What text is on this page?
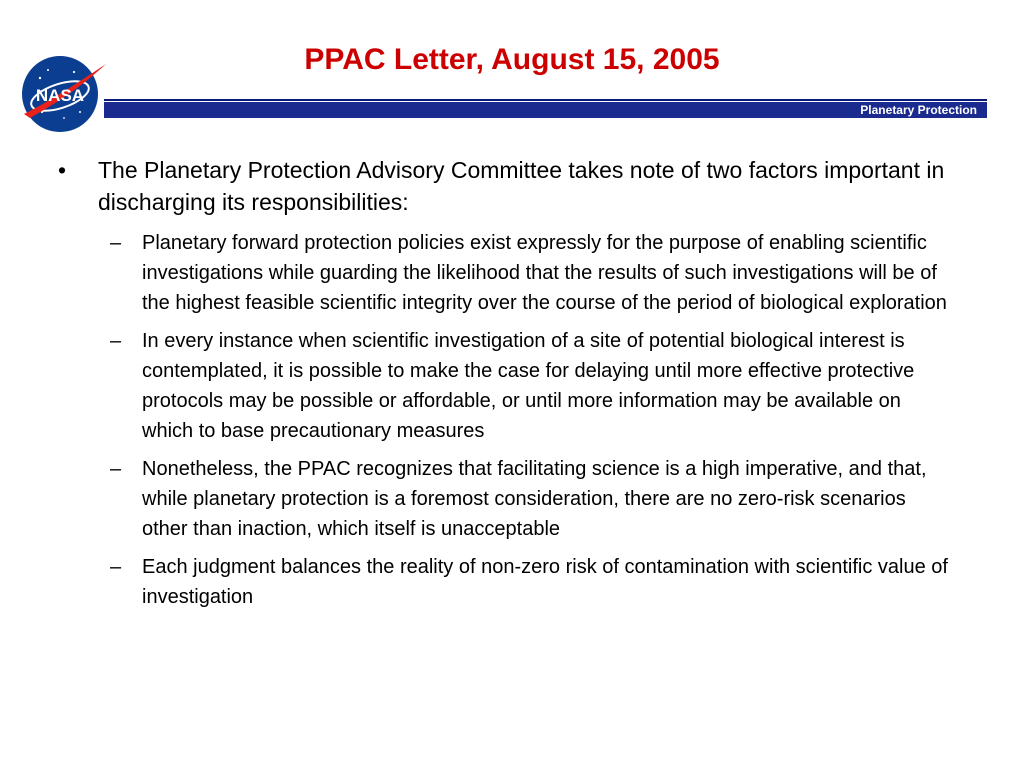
NASA
PPAC Letter, August 15, 2005
Planetary Protection
• The Planetary Protection Advisory Committee takes note of two factors important in discharging its responsibilities:
– Planetary forward protection policies exist expressly for the purpose of enabling scientific investigations while guarding the likelihood that the results of such investigations will be of the highest feasible scientific integrity over the course of the period of biological exploration
– In every instance when scientific investigation of a site of potential biological interest is contemplated, it is possible to make the case for delaying until more effective protective protocols may be possible or affordable, or until more information may be available on which to base precautionary measures
– Nonetheless, the PPAC recognizes that facilitating science is a high imperative, and that, while planetary protection is a foremost consideration, there are no zero-risk scenarios other than inaction, which itself is unacceptable
– Each judgment balances the reality of non-zero risk of contamination with scientific value of investigation
